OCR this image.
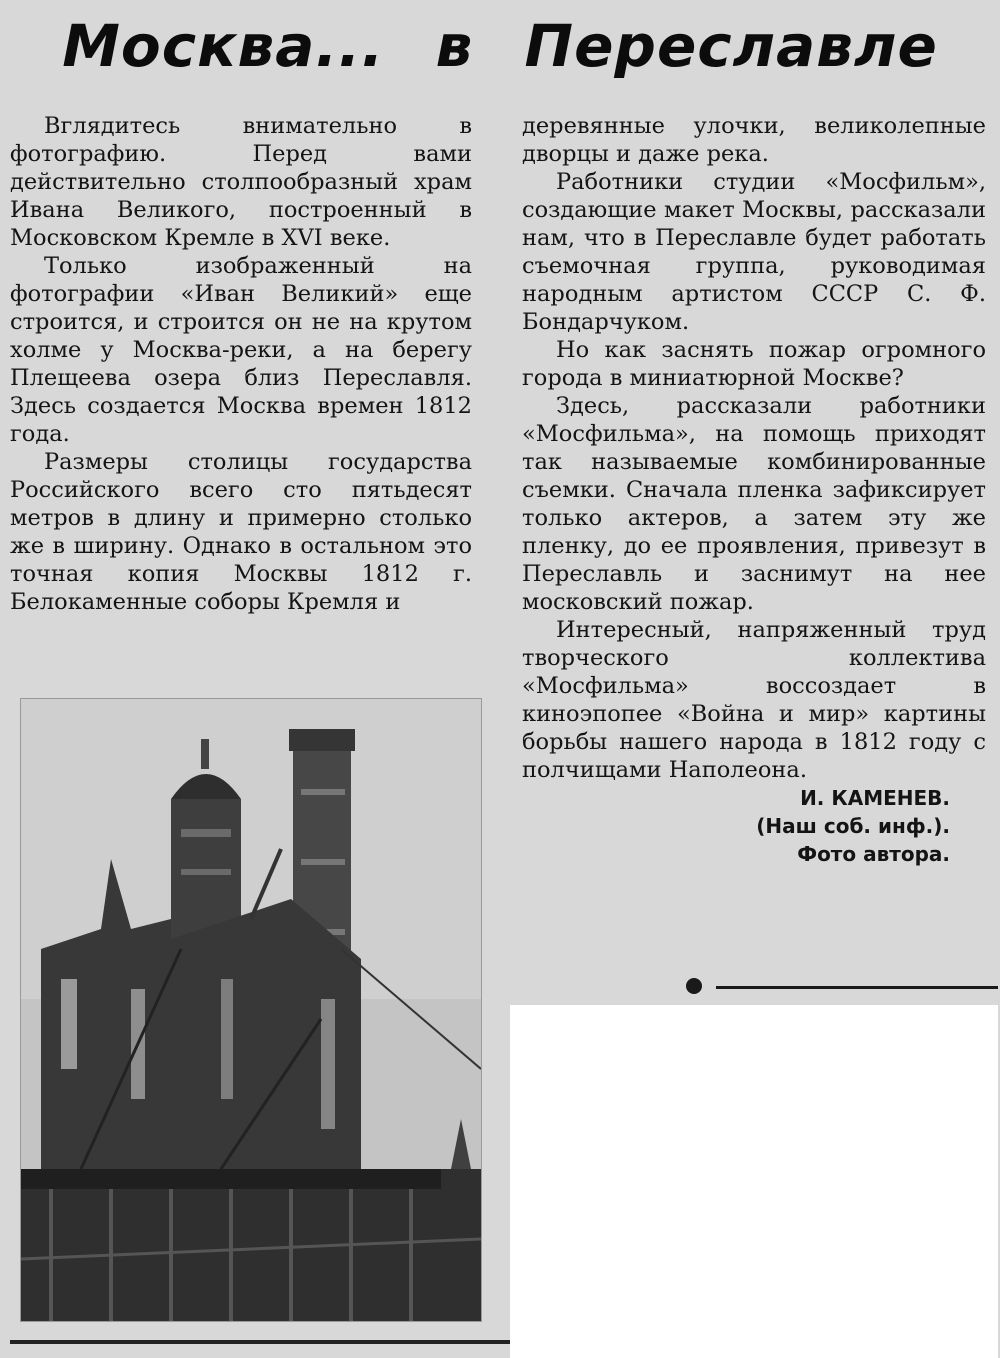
Москва... в Переславле

Вглядитесь внимательно в фотографию. Перед вами действительно столпообразный храм Ивана Великого, построенный в Московском Кремле в XVI веке.

Только изображенный на фотографии «Иван Великий» еще строится, и строится он не на крутом холме у Москва-реки, а на берегу Плещеева озера близ Переславля. Здесь создается Москва времен 1812 года.

Размеры столицы государства Российского всего сто пятьдесят метров в длину и примерно столько же в ширину. Однако в остальном это точная копия Москвы 1812 г. Белокаменные соборы Кремля и

деревянные улочки, великолепные дворцы и даже река.

Работники студии «Мосфильм», создающие макет Москвы, рассказали нам, что в Переславле будет работать съемочная группа, руководимая народным артистом СССР С. Ф. Бондарчуком.

Но как заснять пожар огромного города в миниатюрной Москве?

Здесь, рассказали работники «Мосфильма», на помощь приходят так называемые комбинированные съемки. Сначала пленка зафиксирует только актеров, а затем эту же пленку, до ее проявления, привезут в Переславль и заснимут на нее московский пожар.

Интересный, напряженный труд творческого коллектива «Мосфильма» воссоздает в киноэпопее «Война и мир» картины борьбы нашего народа в 1812 году с полчищами Наполеона.

И. КАМЕНЕВ.

(Наш соб. инф.).

Фото автора.
